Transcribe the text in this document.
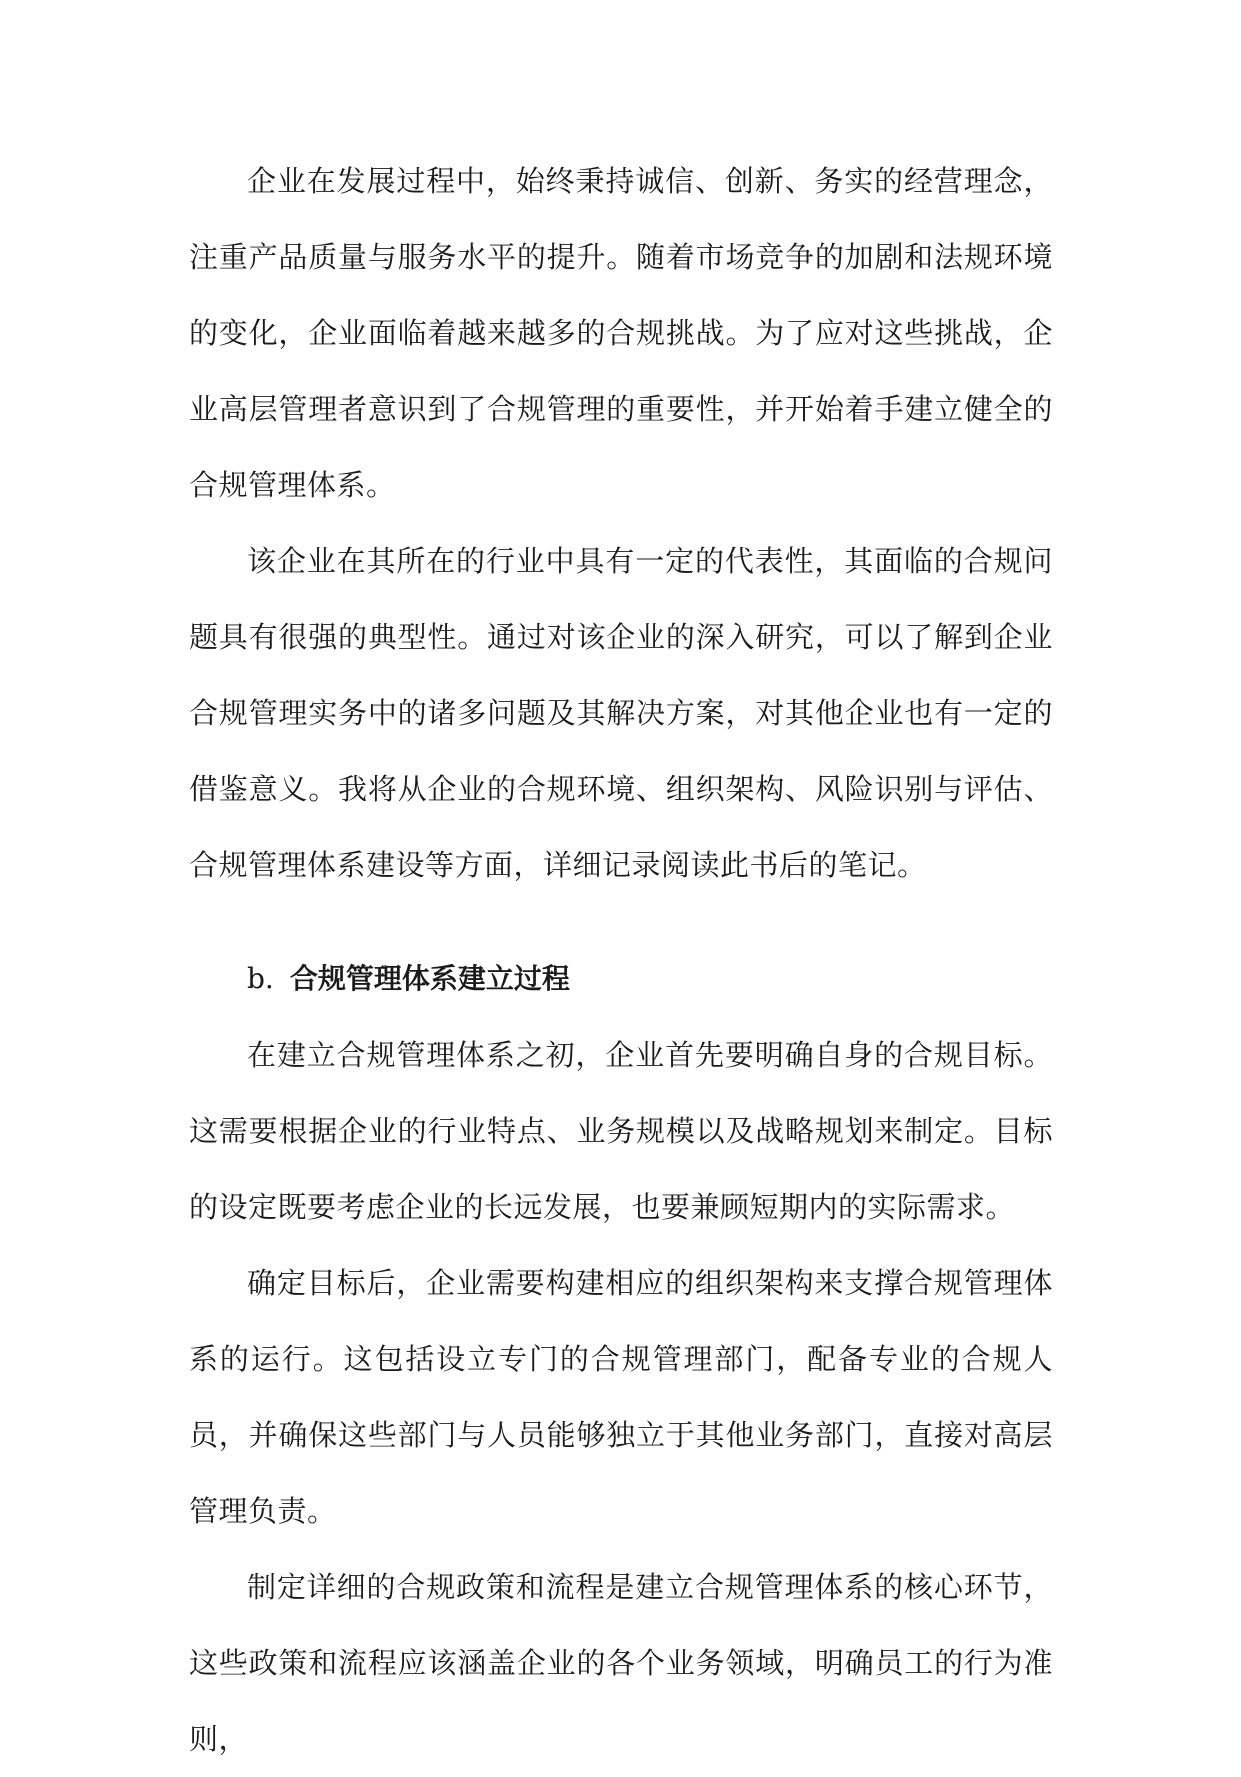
企业在发展过程中，始终秉持诚信、创新、务实的经营理念，注重产品质量与服务水平的提升。随着市场竞争的加剧和法规环境的变化，企业面临着越来越多的合规挑战。为了应对这些挑战，企业高层管理者意识到了合规管理的重要性，并开始着手建立健全的合规管理体系。

该企业在其所在的行业中具有一定的代表性，其面临的合规问题具有很强的典型性。通过对该企业的深入研究，可以了解到企业合规管理实务中的诸多问题及其解决方案，对其他企业也有一定的借鉴意义。我将从企业的合规环境、组织架构、风险识别与评估、合规管理体系建设等方面，详细记录阅读此书后的笔记。

b. 合规管理体系建立过程

在建立合规管理体系之初，企业首先要明确自身的合规目标。这需要根据企业的行业特点、业务规模以及战略规划来制定。目标的设定既要考虑企业的长远发展，也要兼顾短期内的实际需求。

确定目标后，企业需要构建相应的组织架构来支撑合规管理体系的运行。这包括设立专门的合规管理部门，配备专业的合规人员，并确保这些部门与人员能够独立于其他业务部门，直接对高层管理负责。

制定详细的合规政策和流程是建立合规管理体系的核心环节，这些政策和流程应该涵盖企业的各个业务领域，明确员工的行为准则，
